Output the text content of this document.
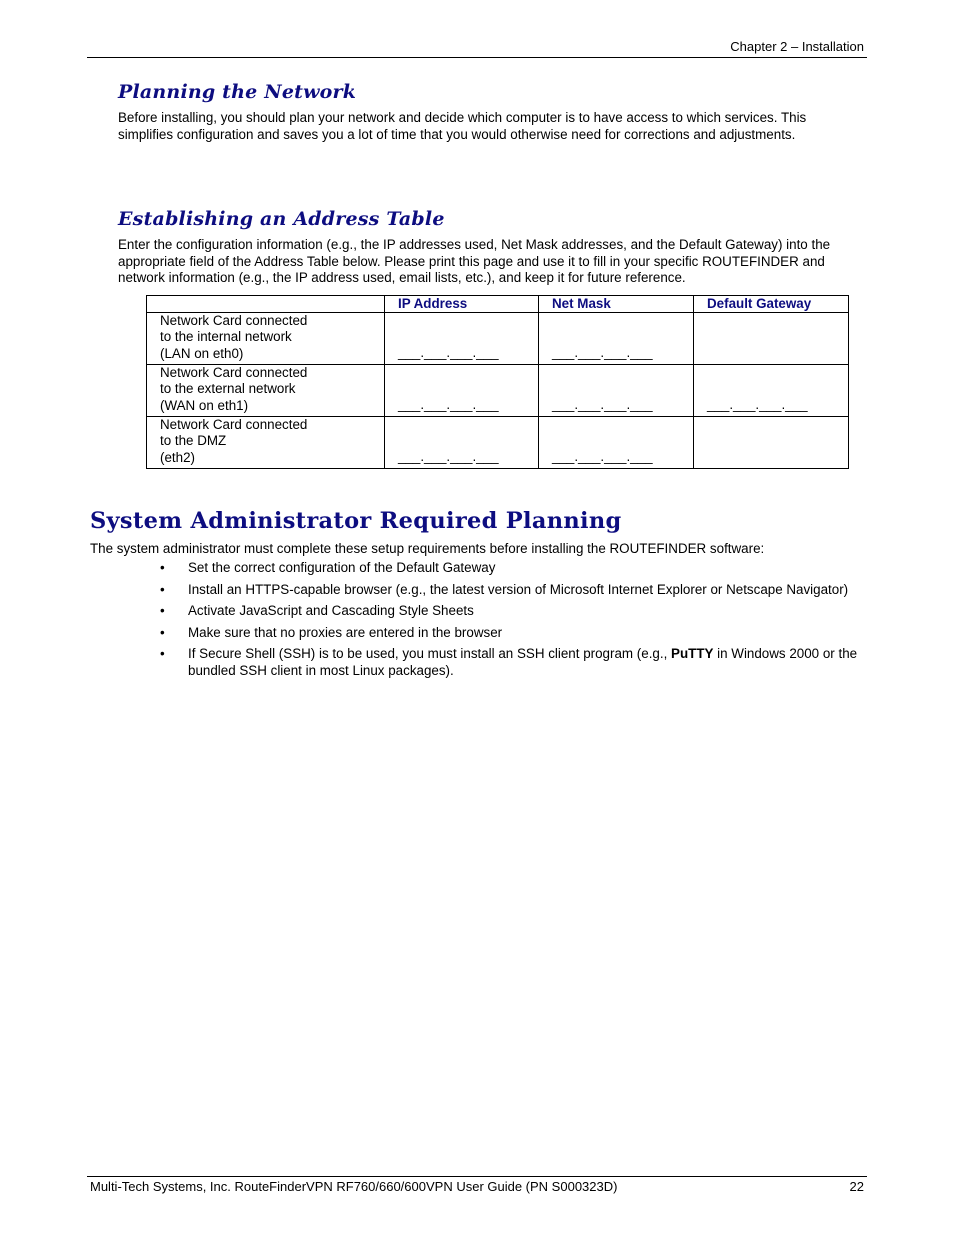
Chapter 2 – Installation
Planning the Network

Before installing, you should plan your network and decide which computer is to have access to which services. This simplifies configuration and saves you a lot of time that you would otherwise need for corrections and adjustments.

Establishing an Address Table

Enter the configuration information (e.g., the IP addresses used, Net Mask addresses, and the Default Gateway) into the appropriate field of the Address Table below. Please print this page and use it to fill in your specific ROUTEFINDER and network information (e.g., the IP address used, email lists, etc.), and keep it for future reference.

	IP Address	Net Mask	Default Gateway

Network Card connected
to the internal network
(LAN on eth0)	___.___.___.___	___.___.___.___	

Network Card connected
to the external network
(WAN on eth1)	___.___.___.___	___.___.___.___	___.___.___.___

Network Card connected
to the DMZ
(eth2)	___.___.___.___	___.___.___.___	
System Administrator Required Planning

The system administrator must complete these setup requirements before installing the ROUTEFINDER software:

• Set the correct configuration of the Default Gateway
• Install an HTTPS-capable browser (e.g., the latest version of Microsoft Internet Explorer or Netscape Navigator)
• Activate JavaScript and Cascading Style Sheets
• Make sure that no proxies are entered in the browser
• If Secure Shell (SSH) is to be used, you must install an SSH client program (e.g., PuTTY in Windows 2000 or the bundled SSH client in most Linux packages).
Multi-Tech Systems, Inc. RouteFinderVPN RF760/660/600VPN User Guide (PN S000323D)	22
